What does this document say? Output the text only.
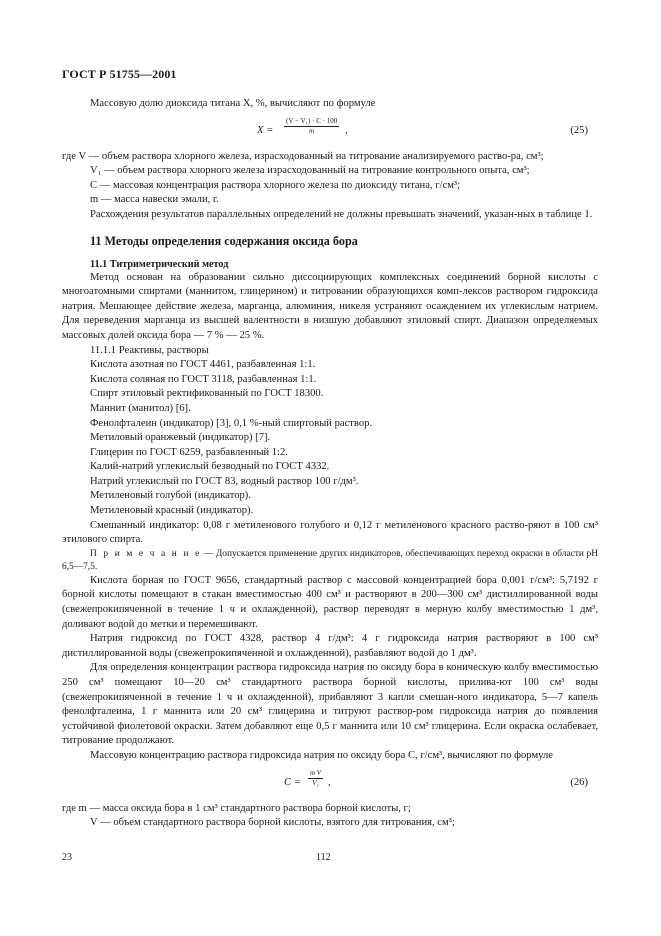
ГОСТ Р 51755—2001

Массовую долю диоксида титана X, %, вычисляют по формуле

$X = \frac{\text{(V − V₁) · C · 100}}{m}$ ,	(25)

где V — объем раствора хлорного железа, израсходованный на титрование анализируемого раство-ра, см³;

V₁ — объем раствора хлорного железа израсходованный на титрование контрольного опыта, см³;

C — массовая концентрация раствора хлорного железа по диоксиду титана, г/см³;

m — масса навески эмали, г.

Расхождения результатов параллельных определений не должны превышать значений, указан-ных в таблице 1.

11 Методы определения содержания оксида бора
11.1 Титриметрический метод

Метод основан на образовании сильно диссоциирующих комплексных соединений борной кислоты с многоатомными спиртами (маннитом, глицерином) и титровании образующихся комп-лексов раствором гидроксида натрия. Мешающее действие железа, марганца, алюминия, никеля устраняют осаждением их углекислым натрием. Для переведения марганца из высшей валентности в низшую добавляют этиловый спирт. Диапазон определяемых массовых долей оксида бора — 7 % — 25 %.

11.1.1 Реактивы, растворы

Кислота азотная по ГОСТ 4461, разбавленная 1:1.

Кислота соляная по ГОСТ 3118, разбавленная 1:1.

Спирт этиловый ректификованный по ГОСТ 18300.

Маннит (манитол) [6].

Фенолфталеин (индикатор) [3], 0,1 %-ный спиртовый раствор.

Метиловый оранжевый (индикатор) [7].

Глицерин по ГОСТ 6259, разбавленный 1:2.

Калий-натрий углекислый безводный по ГОСТ 4332.

Натрий углекислый по ГОСТ 83, водный раствор 100 г/дм³.

Метиленовый голубой (индикатор).

Метиленовый красный (индикатор).

Смешанный индикатор: 0,08 г метиленового голубого и 0,12 г метиленового красного раство-ряют в 100 см³ этилового спирта.

П р и м е ч а н и е — Допускается применение других индикаторов, обеспечивающих переход окраски в области pH 6,5—7,5.

Кислота борная по ГОСТ 9656, стандартный раствор с массовой концентрацией бора 0,001 г/см³: 5,7192 г борной кислоты помещают в стакан вместимостью 400 см³ и растворяют в 200—300 см³ дистиллированной воды (свежепрокипяченной в течение 1 ч и охлажденной), раствор переводят в мерную колбу вместимостью 1 дм³, доливают водой до метки и перемешивают.

Натрия гидроксид по ГОСТ 4328, раствор 4 г/дм³: 4 г гидроксида натрия растворяют в 100 см³ дистиллированной воды (свежепрокипяченной и охлажденной), разбавляют водой до 1 дм³.

Для определения концентрации раствора гидроксида натрия по оксиду бора в коническую колбу вместимостью 250 см³ помещают 10—20 см³ стандартного раствора борной кислоты, прилива-ют 100 см³ воды (свежепрокипяченной в течение 1 ч и охлажденной), прибавляют 3 капли смешан-ного индикатора, 5—7 капель фенолфталеина, 1 г маннита или 20 см³ глицерина и титруют раствор-ром гидроксида натрия до появления устойчивой фиолетовой окраски. Затем добавляют еще 0,5 г маннита или 10 см³ глицерина. Если окраска ослабевает, титрование продолжают.

Массовую концентрацию раствора гидроксида натрия по оксиду бора C, г/см³, вычисляют по формуле

$C = \frac{\text{m V}}{\text{V₁}}$ ,	(26)

где m — масса оксида бора в 1 см³ стандартного раствора борной кислоты, г;

V — объем стандартного раствора борной кислоты, взятого для титрования, см³;

23	112
